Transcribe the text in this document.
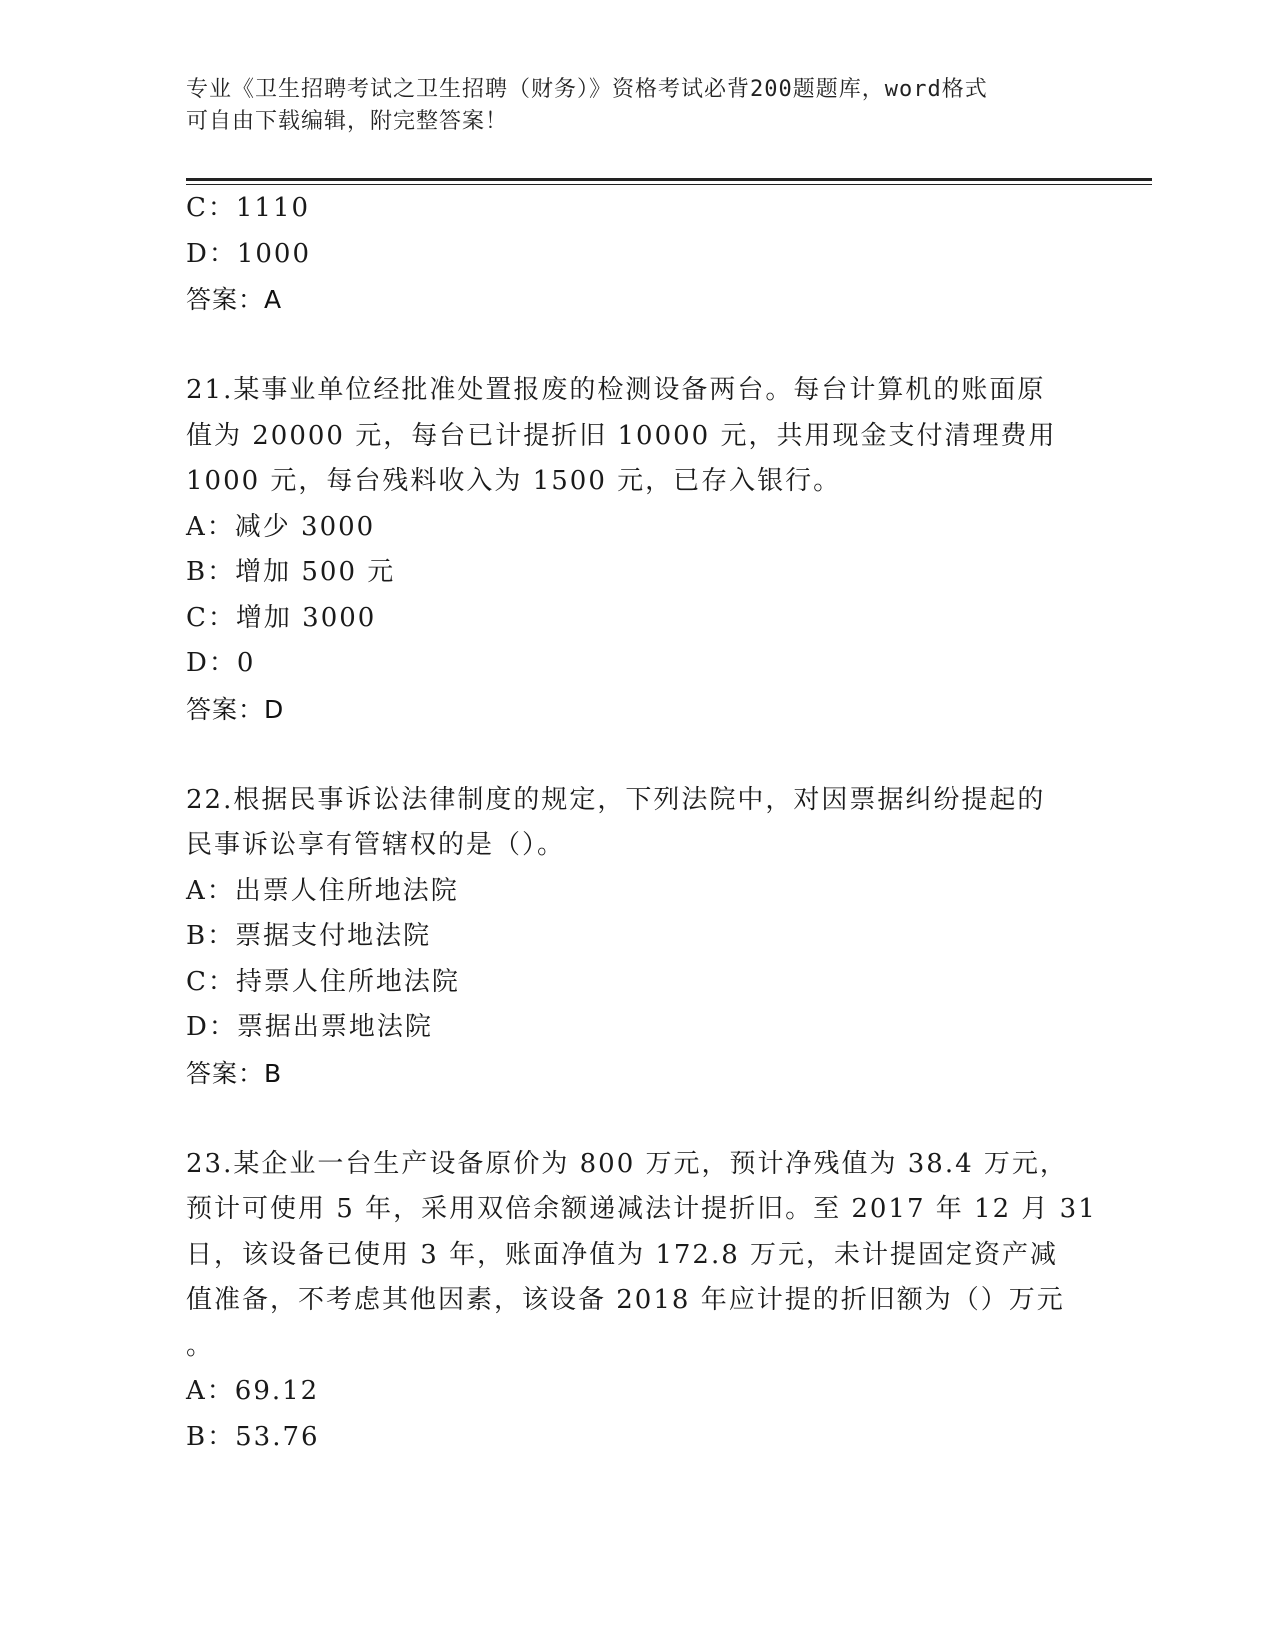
专业《卫生招聘考试之卫生招聘（财务）》资格考试必背200题题库，word格式
可自由下载编辑，附完整答案！
C：1110
D：1000
答案：A
21.某事业单位经批准处置报废的检测设备两台。每台计算机的账面原
值为 20000 元，每台已计提折旧 10000 元，共用现金支付清理费用
1000 元，每台残料收入为 1500 元，已存入银行。
A：减少 3000
B：增加 500 元
C：增加 3000
D：0
答案：D
22.根据民事诉讼法律制度的规定，下列法院中，对因票据纠纷提起的
民事诉讼享有管辖权的是（）。
A：出票人住所地法院
B：票据支付地法院
C：持票人住所地法院
D：票据出票地法院
答案：B
23.某企业一台生产设备原价为 800 万元，预计净残值为 38.4 万元，
预计可使用 5 年，采用双倍余额递减法计提折旧。至 2017 年 12 月 31
日，该设备已使用 3 年，账面净值为 172.8 万元，未计提固定资产减
值准备，不考虑其他因素，该设备 2018 年应计提的折旧额为（）万元
。
A：69.12
B：53.76
